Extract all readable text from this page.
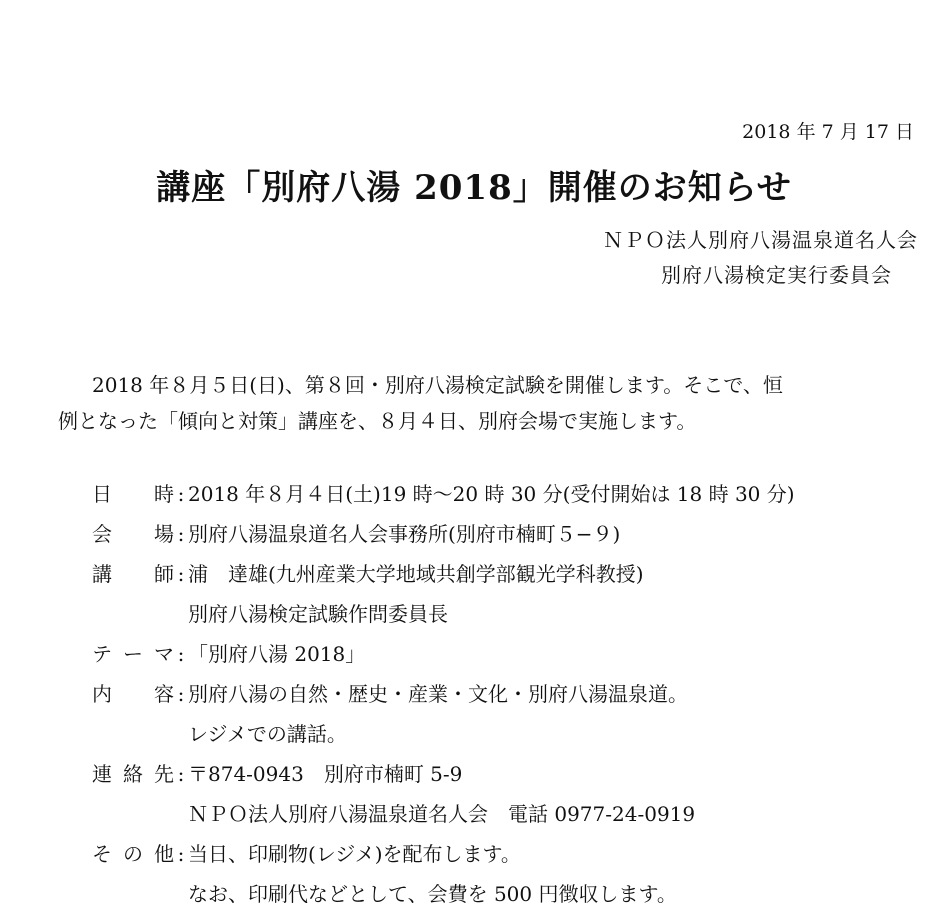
2018 年 7 月 17 日
講座「別府八湯 2018」開催のお知らせ
ＮＰＯ法人別府八湯温泉道名人会
別府八湯検定実行委員会

2018 年８月５日(日)、第８回・別府八湯検定試験を開催します。そこで、恒

例となった「傾向と対策」講座を、８月４日、別府会場で実施します。

日　時 : 2018 年８月４日(土)19 時～20 時 30 分(受付開始は 18 時 30 分)
会　場 : 別府八湯温泉道名人会事務所(別府市楠町５−９)
講　師 : 浦　達雄(九州産業大学地域共創学部観光学科教授)
別府八湯検定試験作問委員長
テーマ : 「別府八湯 2018」
内　容 : 別府八湯の自然・歴史・産業・文化・別府八湯温泉道。
レジメでの講話。
連絡先 : 〒874-0943　別府市楠町 5-9
ＮＰＯ法人別府八湯温泉道名人会　電話 0977-24-0919
その他 : 当日、印刷物(レジメ)を配布します。
なお、印刷代などとして、会費を 500 円徴収します。
